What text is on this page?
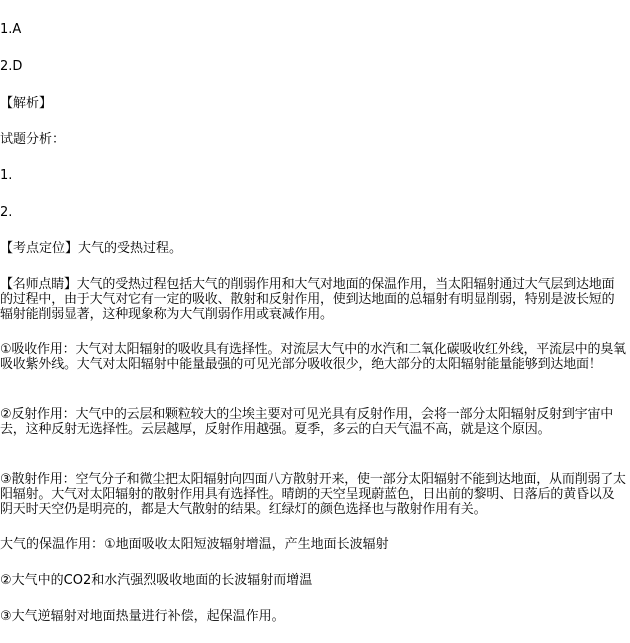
1.A
2.D
【解析】
试题分析：
1.
2.
【考点定位】大气的受热过程。
【名师点睛】大气的受热过程包括大气的削弱作用和大气对地面的保温作用，当太阳辐射通过大气层到达地面的过程中，由于大气对它有一定的吸收、散射和反射作用，使到达地面的总辐射有明显削弱，特别是波长短的辐射能削弱显著，这种现象称为大气削弱作用或衰减作用。
①吸收作用：大气对太阳辐射的吸收具有选择性。对流层大气中的水汽和二氧化碳吸收红外线，平流层中的臭氧吸收紫外线。大气对太阳辐射中能量最强的可见光部分吸收很少，绝大部分的太阳辐射能量能够到达地面！
②反射作用：大气中的云层和颗粒较大的尘埃主要对可见光具有反射作用，会将一部分太阳辐射反射到宇宙中去，这种反射无选择性。云层越厚，反射作用越强。夏季，多云的白天气温不高，就是这个原因。
③散射作用：空气分子和微尘把太阳辐射向四面八方散射开来，使一部分太阳辐射不能到达地面，从而削弱了太阳辐射。大气对太阳辐射的散射作用具有选择性。晴朗的天空呈现蔚蓝色，日出前的黎明、日落后的黄昏以及阴天时天空仍是明亮的，都是大气散射的结果。红绿灯的颜色选择也与散射作用有关。
大气的保温作用：①地面吸收太阳短波辐射增温，产生地面长波辐射
②大气中的CO2和水汽强烈吸收地面的长波辐射而增温
③大气逆辐射对地面热量进行补偿，起保温作用。
